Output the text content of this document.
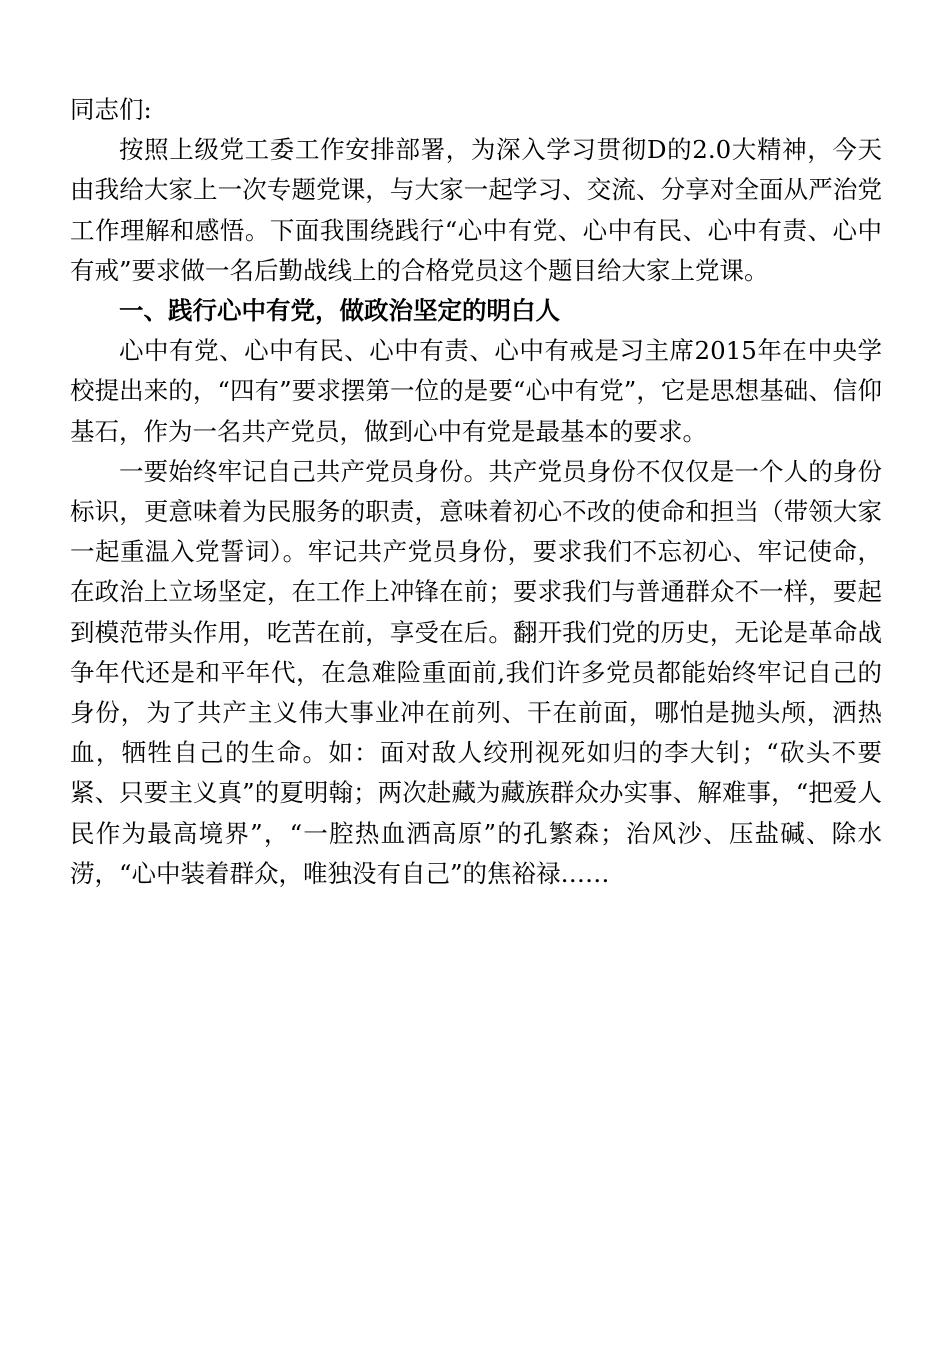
同志们:

按照上级党工委工作安排部署，为深入学习贯彻D的2.0大精神，今天由我给大家上一次专题党课，与大家一起学习、交流、分享对全面从严治党工作理解和感悟。下面我围绕践行“心中有党、心中有民、心中有责、心中有戒”要求做一名后勤战线上的合格党员这个题目给大家上党课。

一、践行心中有党，做政治坚定的明白人

心中有党、心中有民、心中有责、心中有戒是习主席2015年在中央学校提出来的，“四有”要求摆第一位的是要“心中有党”，它是思想基础、信仰基石，作为一名共产党员，做到心中有党是最基本的要求。

一要始终牢记自己共产党员身份。共产党员身份不仅仅是一个人的身份标识，更意味着为民服务的职责，意味着初心不改的使命和担当（带领大家一起重温入党誓词）。牢记共产党员身份，要求我们不忘初心、牢记使命，在政治上立场坚定，在工作上冲锋在前；要求我们与普通群众不一样，要起到模范带头作用，吃苦在前，享受在后。翻开我们党的历史，无论是革命战争年代还是和平年代，在急难险重面前,我们许多党员都能始终牢记自己的身份，为了共产主义伟大事业冲在前列、干在前面，哪怕是抛头颅，洒热血，牺牲自己的生命。如：面对敌人绞刑视死如归的李大钊；“砍头不要紧、只要主义真”的夏明翰；两次赴藏为藏族群众办实事、解难事，“把爱人民作为最高境界”，“一腔热血洒高原”的孔繁森；治风沙、压盐碱、除水涝，“心中装着群众，唯独没有自己”的焦裕禄……
